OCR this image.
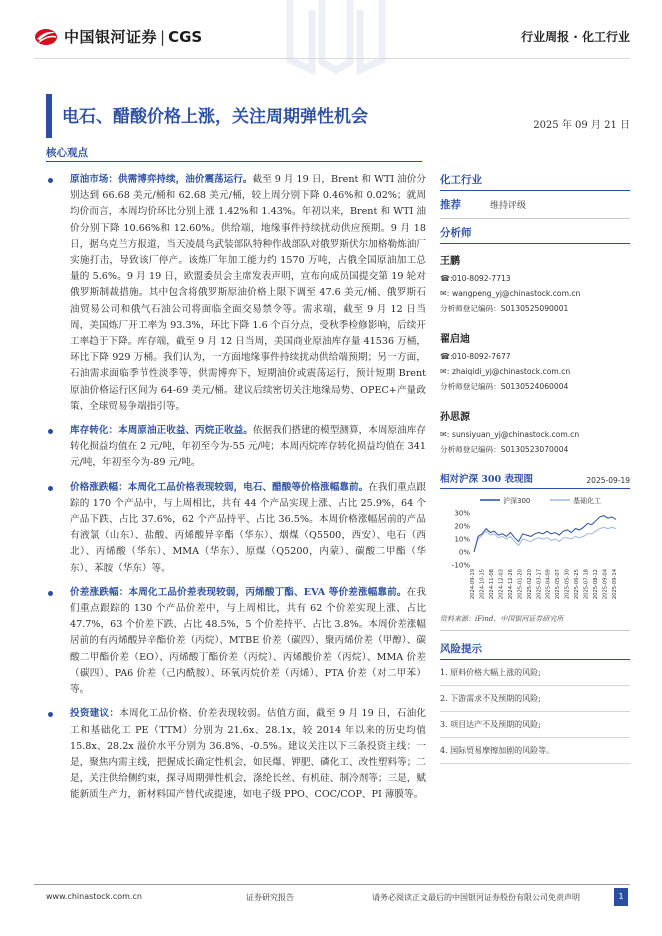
中国银河证券 | CGS	行业周报 · 化工行业
电石、醋酸价格上涨，关注周期弹性机会	2025 年 09 月 21 日
核心观点
原油市场：供需博弈持续，油价震荡运行。截至 9 月 19 日，Brent 和 WTI 油价分别达到 66.68 美元/桶和 62.68 美元/桶，较上周分别下降 0.46%和 0.02%；就周均价而言，本周均价环比分别上涨 1.42%和 1.43%。年初以来，Brent 和 WTI 油价分别下降 10.66%和 12.60%。供给端，地缘事件持续扰动供应预期。9 月 18 日，据乌克兰方报道，当天凌晨乌武装部队特种作战部队对俄罗斯伏尔加格勒炼油厂实施打击，导致该厂停产。该炼厂年加工能力约 1570 万吨，占俄全国原油加工总量的 5.6%。9 月 19 日，欧盟委员会主席发表声明，宣布向成员国提交第 19 轮对俄罗斯制裁措施。其中包含将俄罗斯原油价格上限下调至 47.6 美元/桶、俄罗斯石油贸易公司和俄气石油公司将面临全面交易禁令等。需求端，截至 9 月 12 日当周，美国炼厂开工率为 93.3%，环比下降 1.6 个百分点，受秋季检修影响，后续开工率趋于下降。库存端，截至 9 月 12 日当周，美国商业原油库存量 41536 万桶，环比下降 929 万桶。我们认为，一方面地缘事件持续扰动供给端预期；另一方面，石油需求面临季节性淡季等，供需博弈下，短期油价或震荡运行，预计短期 Brent 原油价格运行区间为 64-69 美元/桶。建议后续密切关注地缘局势、OPEC+产量政策、全球贸易争端指引等。
库存转化：本周原油正收益、丙烷正收益。依据我们搭建的模型测算，本周原油库存转化损益均值在 2 元/吨，年初至今为-55 元/吨；本周丙烷库存转化损益均值在 341 元/吨，年初至今为-89 元/吨。
价格涨跌幅：本周化工品价格表现较弱，电石、醋酸等价格涨幅靠前。在我们重点跟踪的 170 个产品中，与上周相比，共有 44 个产品实现上涨、占比 25.9%，64 个产品下跌、占比 37.6%，62 个产品持平、占比 36.5%。本周价格涨幅居前的产品有液氯（山东）、盐酸、丙烯酸异辛酯（华东）、烟煤（Q5500，西安）、电石（西北）、丙烯酸（华东）、MMA（华东）、原煤（Q5200，内蒙）、碳酸二甲酯（华东）、苯胺（华东）等。
价差涨跌幅：本周化工品价差表现较弱，丙烯酸丁酯、EVA 等价差涨幅靠前。在我们重点跟踪的 130 个产品价差中，与上周相比，共有 62 个价差实现上涨、占比 47.7%，63 个价差下跌、占比 48.5%，5 个价差持平、占比 3.8%。本周价差涨幅居前的有丙烯酸异辛酯价差（丙烷）、MTBE 价差（碳四）、聚丙烯价差（甲醇）、碳酸二甲酯价差（EO）、丙烯酸丁酯价差（丙烷）、丙烯酸价差（丙烷）、MMA 价差（碳四）、PA6 价差（己内酰胺）、环氧丙烷价差（丙烯）、PTA 价差（对二甲苯）等。
投资建议：本周化工品价格、价差表现较弱。估值方面，截至 9 月 19 日，石油化工和基础化工 PE（TTM）分别为 21.6x、28.1x，较 2014 年以来的历史均值 15.8x、28.2x 溢价水平分别为 36.8%、-0.5%。建议关注以下三条投资主线：一是，聚焦内需主线，把握成长确定性机会，如民爆、钾肥、磷化工、改性塑料等；二是，关注供给侧约束，探寻周期弹性机会，涤纶长丝、有机硅、制冷剂等；三是，赋能新质生产力，新材料国产替代或提速，如电子级 PPO、COC/COP、PI 薄膜等。
化工行业
推荐	维持评级
分析师
王鹏
☎: 010-8092-7713
✉: wangpeng_yj@chinastock.com.cn
分析师登记编码：S0130525090001
翟启迪
☎: 010-8092-7677
✉: zhaiqidi_yj@chinastock.com.cn
分析师登记编码：S0130524060004
孙思源
✉: sunsiyuan_yj@chinastock.com.cn
分析师登记编码：S0130523070004
相对沪深 300 表现图	2025-09-19
沪深300	基础化工
30%
20%
10%
0%
-10%
2024-09-19 2024-10-15 2024-11-08 2024-12-03 2024-12-26 2025-01-20 2025-02-20 2025-03-17 2025-04-09 2025-05-07 2025-05-30 2025-06-25 2025-07-18 2025-08-12 2025-09-04 2025-09-14
资料来源：iFind、中国银河证券研究所
风险提示
1. 原料价格大幅上涨的风险;
2. 下游需求不及预期的风险;
3. 项目达产不及预期的风险;
4. 国际贸易摩擦加剧的风险等。
www.chinastock.com.cn	证券研究报告	请务必阅读正文最后的中国银河证券股份有限公司免责声明	1
